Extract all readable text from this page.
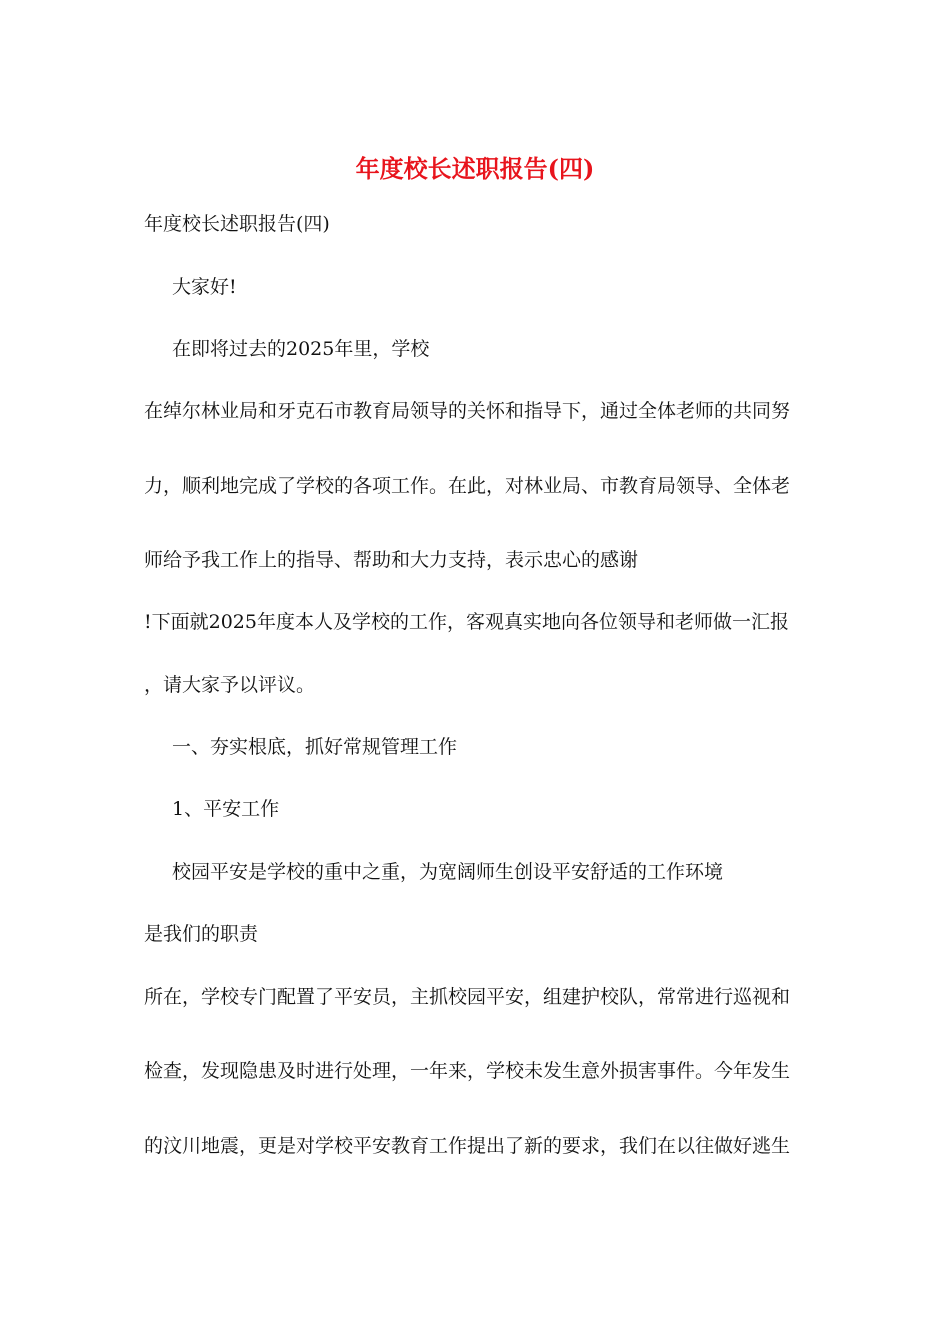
年度校长述职报告(四)
年度校长述职报告(四)
大家好!
在即将过去的2025年里，学校
在绰尔林业局和牙克石市教育局领导的关怀和指导下，通过全体老师的共同努
力，顺利地完成了学校的各项工作。在此，对林业局、市教育局领导、全体老
师给予我工作上的指导、帮助和大力支持，表示忠心的感谢
!下面就2025年度本人及学校的工作，客观真实地向各位领导和老师做一汇报
，请大家予以评议。
一、夯实根底，抓好常规管理工作
1、平安工作
校园平安是学校的重中之重，为宽阔师生创设平安舒适的工作环境
是我们的职责
所在，学校专门配置了平安员，主抓校园平安，组建护校队，常常进行巡视和
检查，发现隐患及时进行处理，一年来，学校未发生意外损害事件。今年发生
的汶川地震，更是对学校平安教育工作提出了新的要求，我们在以往做好逃生
